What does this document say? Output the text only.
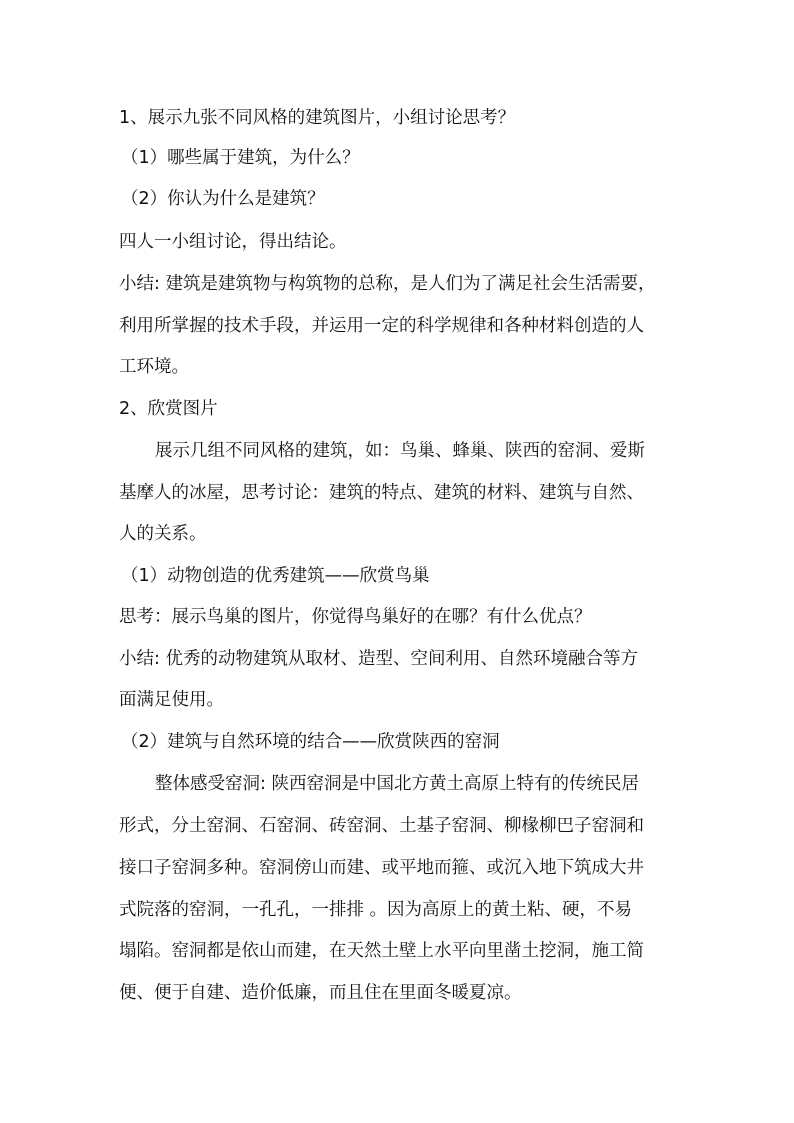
1、展示九张不同风格的建筑图片，小组讨论思考？
（1）哪些属于建筑，为什么？
（2）你认为什么是建筑？
四人一小组讨论，得出结论。
小结: 建筑是建筑物与构筑物的总称，是人们为了满足社会生活需要，
利用所掌握的技术手段，并运用一定的科学规律和各种材料创造的人
工环境。
2、欣赏图片
展示几组不同风格的建筑，如：鸟巢、蜂巢、陕西的窑洞、爱斯
基摩人的冰屋，思考讨论：建筑的特点、建筑的材料、建筑与自然、
人的关系。
（1）动物创造的优秀建筑——欣赏鸟巢
思考：展示鸟巢的图片，你觉得鸟巢好的在哪？有什么优点？
小结: 优秀的动物建筑从取材、造型、空间利用、自然环境融合等方
面满足使用。
（2）建筑与自然环境的结合——欣赏陕西的窑洞
整体感受窑洞: 陕西窑洞是中国北方黄土高原上特有的传统民居
形式，分土窑洞、石窑洞、砖窑洞、土基子窑洞、柳椽柳巴子窑洞和
接口子窑洞多种。窑洞傍山而建、或平地而箍、或沉入地下筑成大井
式院落的窑洞，一孔孔，一排排 。因为高原上的黄土粘、硬，不易
塌陷。窑洞都是依山而建，在天然土壁上水平向里凿土挖洞，施工简
便、便于自建、造价低廉，而且住在里面冬暖夏凉。
